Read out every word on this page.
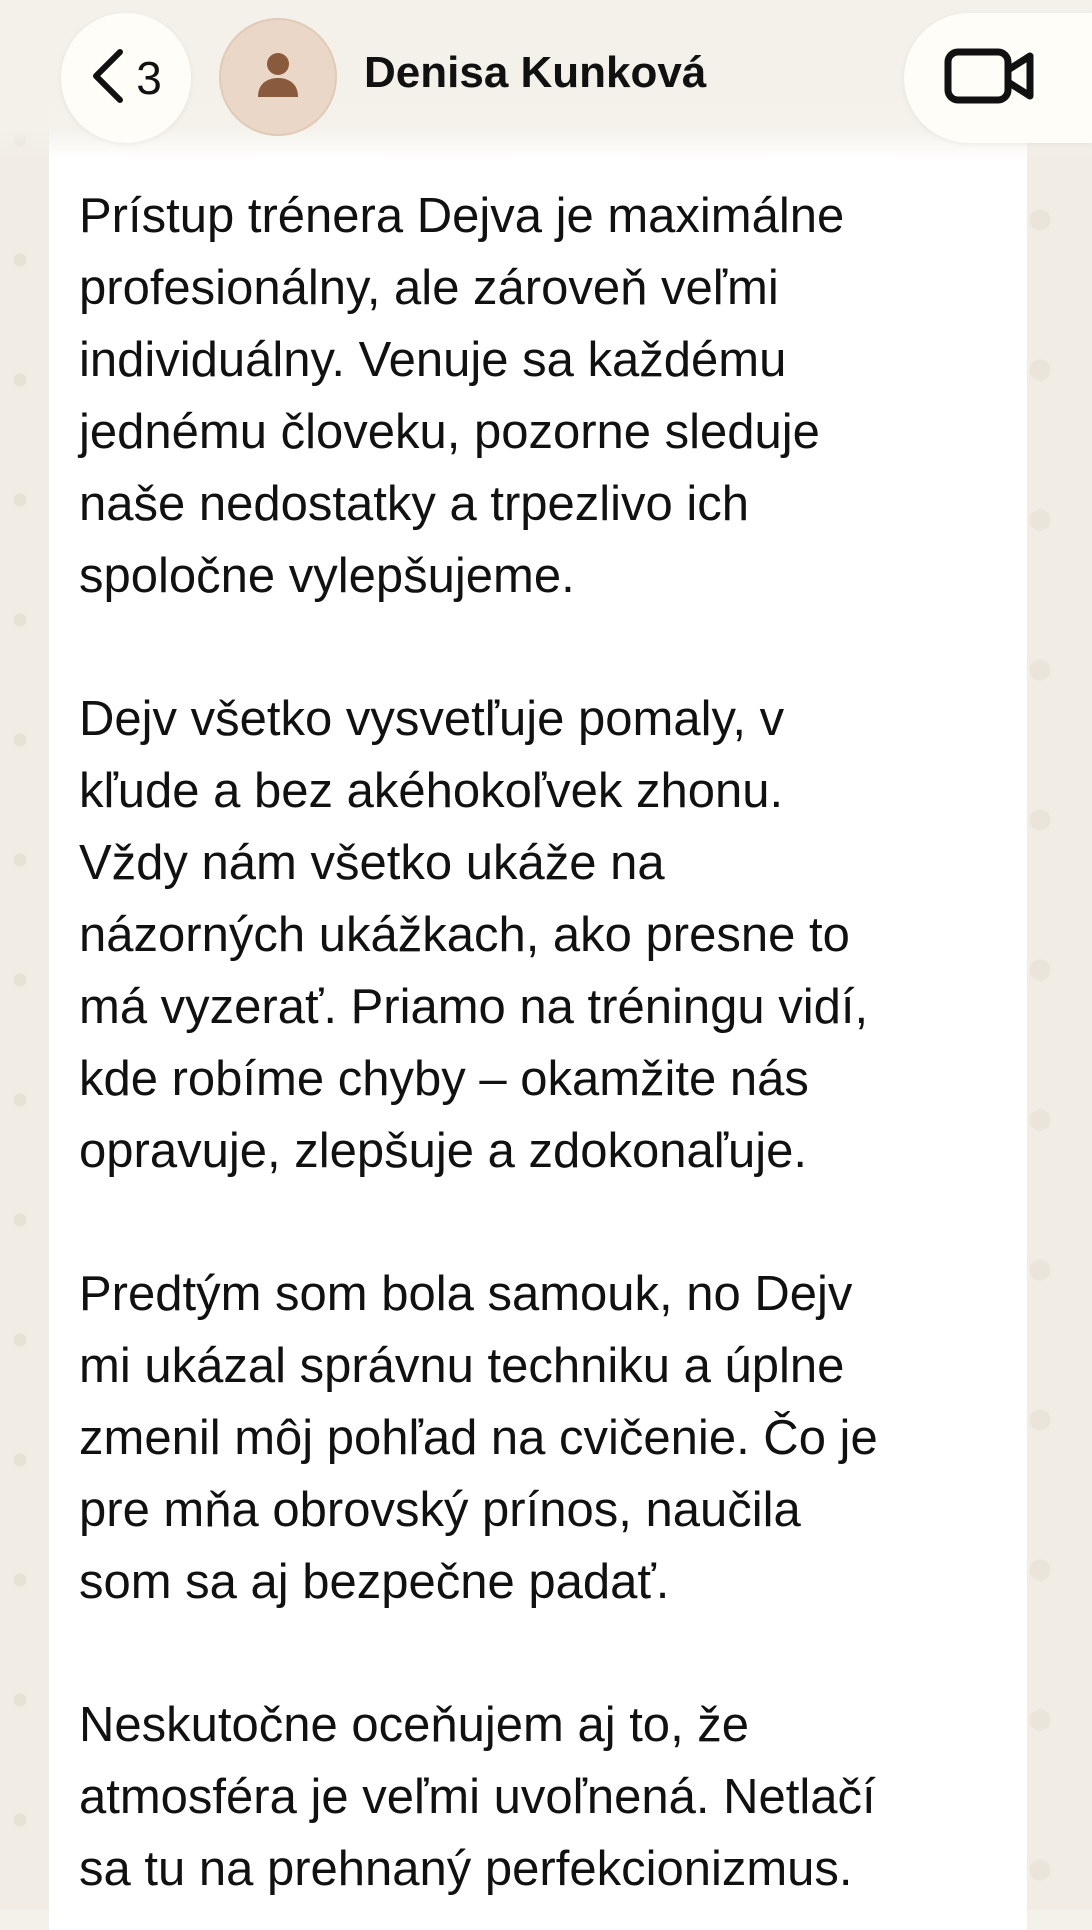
Prístup trénera Dejva je maximálne
profesionálny, ale zároveň veľmi
individuálny. Venuje sa každému
jednému človeku, pozorne sleduje
naše nedostatky a trpezlivo ich
spoločne vylepšujeme.

Dejv všetko vysvetľuje pomaly, v
kľude a bez akéhokoľvek zhonu.
Vždy nám všetko ukáže na
názorných ukážkach, ako presne to
má vyzerať. Priamo na tréningu vidí,
kde robíme chyby – okamžite nás
opravuje, zlepšuje a zdokonaľuje.

Predtým som bola samouk, no Dejv
mi ukázal správnu techniku a úplne
zmenil môj pohľad na cvičenie. Čo je
pre mňa obrovský prínos, naučila
som sa aj bezpečne padať.

Neskutočne oceňujem aj to, že
atmosféra je veľmi uvoľnená. Netlačí
sa tu na prehnaný perfekcionizmus.

3	Denisa Kunková
